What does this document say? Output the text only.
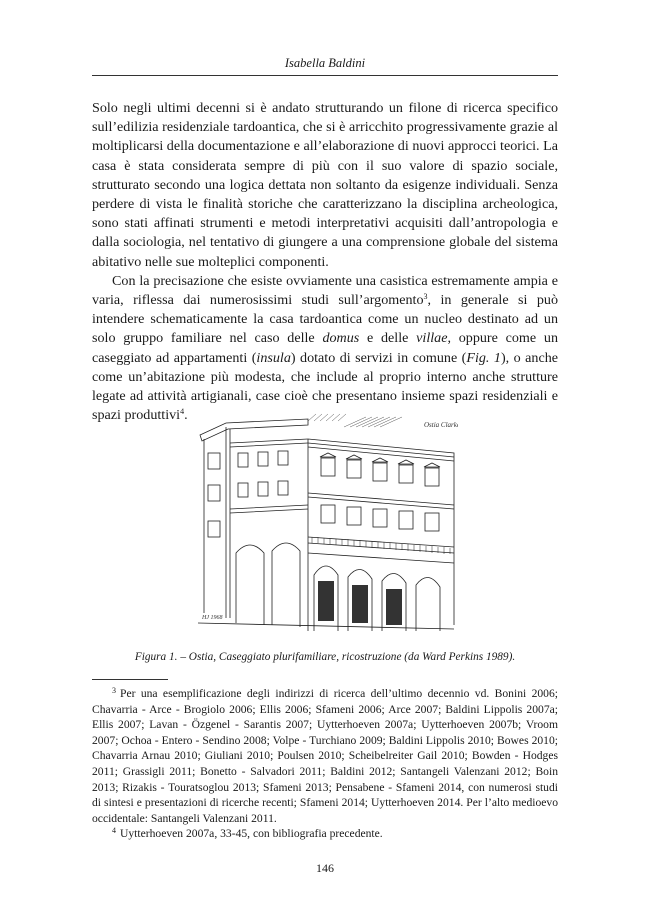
Isabella Baldini

Solo negli ultimi decenni si è andato strutturando un filone di ricerca specifico sull’edilizia residenziale tardoantica, che si è arricchito progressivamente grazie al moltiplicarsi della documentazione e all’elaborazione di nuovi approcci teorici. La casa è stata considerata sempre di più con il suo valore di spazio sociale, strutturato secondo una logica dettata non soltanto da esigenze individuali. Senza perdere di vista le finalità storiche che caratterizzano la disciplina archeologica, sono stati affinati strumenti e metodi interpretativi acquisiti dall’antropologia e dalla sociologia, nel tentativo di giungere a una comprensione globale del sistema abitativo nelle sue molteplici componenti.

Con la precisazione che esiste ovviamente una casistica estremamente ampia e varia, riflessa dai numerosissimi studi sull’argomento$^3$, in generale si può intendere schematicamente la casa tardoantica come un nucleo destinato ad un solo gruppo familiare nel caso delle domus e delle villae, oppure come un caseggiato ad appartamenti (insula) dotato di servizi in comune (Fig. 1), o anche come un’abitazione più modesta, che include al proprio interno anche strutture legate ad attività artigianali, case cioè che presentano insieme spazi residenziali e spazi produttivi$^4$.

Ostia Clarke
HJ 1968
Figura 1. – Ostia, Caseggiato plurifamiliare, ricostruzione (da Ward Perkins 1989).

$^3$ Per una esemplificazione degli indirizzi di ricerca dell’ultimo decennio vd. Bonini 2006; Chavarria - Arce - Brogiolo 2006; Ellis 2006; Sfameni 2006; Arce 2007; Baldini Lippolis 2007a; Ellis 2007; Lavan - Özgenel - Sarantis 2007; Uytterhoeven 2007a; Uytterhoeven 2007b; Vroom 2007; Ochoa - Entero - Sendino 2008; Volpe - Turchiano 2009; Baldini Lippolis 2010; Bowes 2010; Chavarria Arnau 2010; Giuliani 2010; Poulsen 2010; Scheibelreiter Gail 2010; Bowden - Hodges 2011; Grassigli 2011; Bonetto - Salvadori 2011; Baldini 2012; Santangeli Valenzani 2012; Boin 2013; Rizakis - Touratsoglou 2013; Sfameni 2013; Pensabene - Sfameni 2014, con numerosi studi di sintesi e presentazioni di ricerche recenti; Sfameni 2014; Uytterhoeven 2014. Per l’alto medioevo occidentale: Santangeli Valenzani 2011.

$^4$ Uytterhoeven 2007a, 33-45, con bibliografia precedente.

146
